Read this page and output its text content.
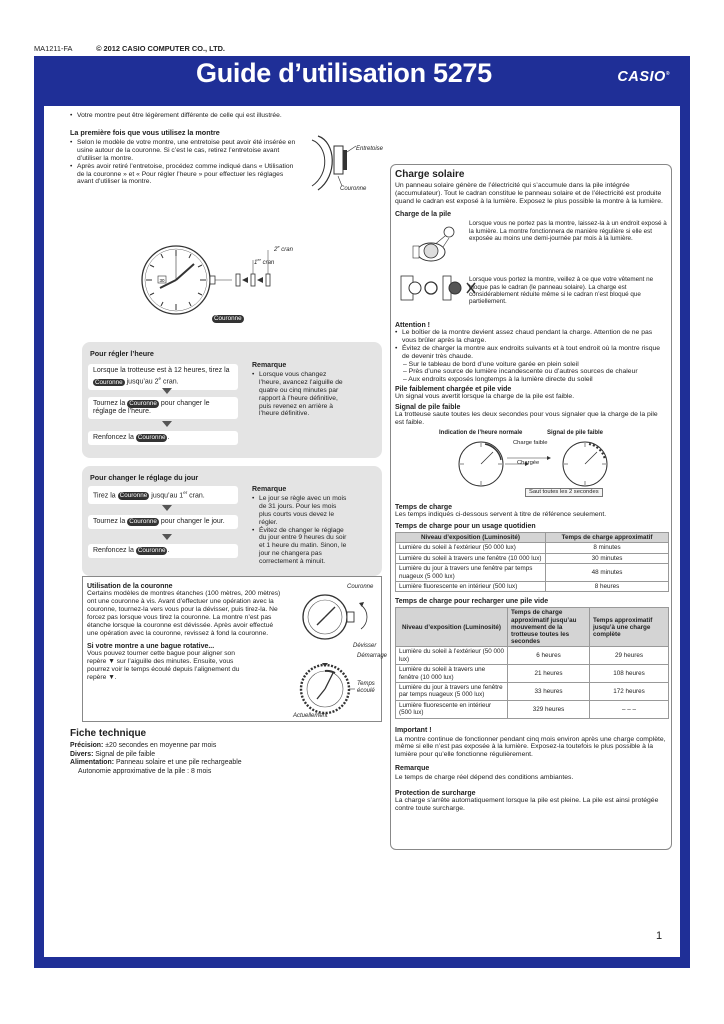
MA1211-FA	© 2012 CASIO COMPUTER CO., LTD.
Guide d’utilisation 5275	CASIO®
• Votre montre peut être légèrement différente de celle qui est illustrée.
La première fois que vous utilisez la montre
• Selon le modèle de votre montre, une entretoise peut avoir été insérée en usine autour de la couronne. Si c’est le cas, retirez l’entretoise avant d’utiliser la montre.
• Après avoir retiré l’entretoise, procédez comme indiqué dans « Utilisation de la couronne » et « Pour régler l’heure » pour effectuer les réglages avant d’utiliser la montre.
Entretoise
Couronne
30
2e cran
1er cran
Couronne
Pour régler l’heure
Lorsque la trotteuse est à 12 heures, tirez la Couronne jusqu’au 2e cran.
Tournez la Couronne pour changer le réglage de l’heure.
Renfoncez la Couronne .
Remarque
• Lorsque vous changez l’heure, avancez l’aiguille de quatre ou cinq minutes par rapport à l’heure définitive, puis revenez en arrière à l’heure définitive.
Pour changer le réglage du jour
Tirez la Couronne jusqu’au 1er cran.
Tournez la Couronne pour changer le jour.
Renfoncez la Couronne .
Remarque
• Le jour se règle avec un mois de 31 jours. Pour les mois plus courts vous devez le régler.
• Évitez de changer le réglage du jour entre 9 heures du soir et 1 heure du matin. Sinon, le jour ne changera pas correctement à minuit.
Utilisation de la couronne
Certains modèles de montres étanches (100 mètres, 200 mètres) ont une couronne à vis. Avant d’effectuer une opération avec la couronne, tournez-la vers vous pour la dévisser, puis tirez-la. Ne forcez pas lorsque vous tirez la couronne. La montre n’est pas étanche lorsque la couronne est dévissée. Après avoir effectué une opération avec la couronne, revissez à fond la couronne.
Si votre montre a une bague rotative...
Vous pouvez tourner cette bague pour aligner son repère ▼ sur l’aiguille des minutes. Ensuite, vous pourrez voir le temps écoulé depuis l’alignement du repère ▼.
Couronne
Dévisser
Démarrage
Temps
écoulé
Actuellement
Fiche technique
Précision: ±20 secondes en moyenne par mois
Divers: Signal de pile faible
Alimentation: Panneau solaire et une pile rechargeable
Autonomie approximative de la pile : 8 mois
Charge solaire
Un panneau solaire génère de l’électricité qui s’accumule dans la pile intégrée (accumulateur). Tout le cadran constitue le panneau solaire et de l’électricité est produite quand le cadran est exposé à la lumière. Exposez le plus possible la montre à la lumière.
Charge de la pile
Lorsque vous ne portez pas la montre, laissez-la à un endroit exposé à la lumière. La montre fonctionnera de manière régulière si elle est exposée au moins une demi-journée par mois à la lumière.
Lorsque vous portez la montre, veillez à ce que votre vêtement ne bloque pas le cadran (le panneau solaire). La charge est considérablement réduite même si le cadran n’est bloqué que partiellement.
Attention !
• Le boîtier de la montre devient assez chaud pendant la charge. Attention de ne pas vous brûler après la charge.
• Évitez de charger la montre aux endroits suivants et à tout endroit où la montre risque de devenir très chaude.
– Sur le tableau de bord d’une voiture garée en plein soleil
– Près d’une source de lumière incandescente ou d’autres sources de chaleur
– Aux endroits exposés longtemps à la lumière directe du soleil
Pile faiblement chargée et pile vide
Un signal vous avertit lorsque la charge de la pile est faible.
Signal de pile faible
La trotteuse saute toutes les deux secondes pour vous signaler que la charge de la pile est faible.
Indication de l’heure normale	Signal de pile faible
Charge faible
Chargée
Saut toutes les 2 secondes
Temps de charge
Les temps indiqués ci-dessous servent à titre de référence seulement.
Temps de charge pour un usage quotidien
Niveau d’exposition (Luminosité)	Temps de charge approximatif
Lumière du soleil à l’extérieur (50 000 lux)	8 minutes
Lumière du soleil à travers une fenêtre (10 000 lux)	30 minutes
Lumière du jour à travers une fenêtre par temps nuageux (5 000 lux)	48 minutes
Lumière fluorescente en intérieur (500 lux)	8 heures
Temps de charge pour recharger une pile vide
Niveau d’exposition (Luminosité)	Temps de charge approximatif jusqu’au mouvement de la trotteuse toutes les secondes	Temps approximatif jusqu’à une charge complète
Lumière du soleil à l’extérieur (50 000 lux)	6 heures	29 heures
Lumière du soleil à travers une fenêtre (10 000 lux)	21 heures	108 heures
Lumière du jour à travers une fenêtre par temps nuageux (5 000 lux)	33 heures	172 heures
Lumière fluorescente en intérieur (500 lux)	329 heures	– – –
Important !
La montre continue de fonctionner pendant cinq mois environ après une charge complète, même si elle n’est pas exposée à la lumière. Exposez-la toutefois le plus possible à la lumière pour qu’elle fonctionne régulièrement.
Remarque
Le temps de charge réel dépend des conditions ambiantes.
Protection de surcharge
La charge s’arrête automatiquement lorsque la pile est pleine. La pile est ainsi protégée contre toute surcharge.
1
